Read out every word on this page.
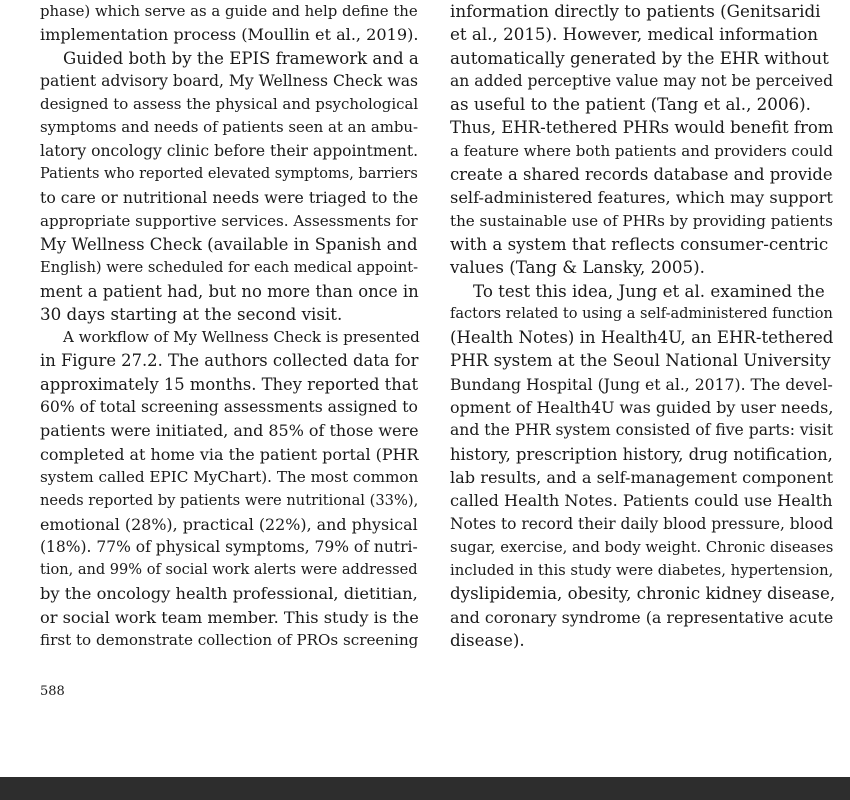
phase) which serve as a guide and help define the
implementation process (Moullin et al., 2019).
Guided both by the EPIS framework and a
patient advisory board, My Wellness Check was
designed to assess the physical and psychological
symptoms and needs of patients seen at an ambu-
latory oncology clinic before their appointment.
Patients who reported elevated symptoms, barriers
to care or nutritional needs were triaged to the
appropriate supportive services. Assessments for
My Wellness Check (available in Spanish and
English) were scheduled for each medical appoint-
ment a patient had, but no more than once in
30 days starting at the second visit.
A workflow of My Wellness Check is presented
in Figure 27.2. The authors collected data for
approximately 15 months. They reported that
60% of total screening assessments assigned to
patients were initiated, and 85% of those were
completed at home via the patient portal (PHR
system called EPIC MyChart). The most common
needs reported by patients were nutritional (33%),
emotional (28%), practical (22%), and physical
(18%). 77% of physical symptoms, 79% of nutri-
tion, and 99% of social work alerts were addressed
by the oncology health professional, dietitian,
or social work team member. This study is the
first to demonstrate collection of PROs screening
information directly to patients (Genitsaridi
et al., 2015). However, medical information
automatically generated by the EHR without
an added perceptive value may not be perceived
as useful to the patient (Tang et al., 2006).
Thus, EHR-tethered PHRs would benefit from
a feature where both patients and providers could
create a shared records database and provide
self-administered features, which may support
the sustainable use of PHRs by providing patients
with a system that reflects consumer-centric
values (Tang & Lansky, 2005).
To test this idea, Jung et al. examined the
factors related to using a self-administered function
(Health Notes) in Health4U, an EHR-tethered
PHR system at the Seoul National University
Bundang Hospital (Jung et al., 2017). The devel-
opment of Health4U was guided by user needs,
and the PHR system consisted of five parts: visit
history, prescription history, drug notification,
lab results, and a self-management component
called Health Notes. Patients could use Health
Notes to record their daily blood pressure, blood
sugar, exercise, and body weight. Chronic diseases
included in this study were diabetes, hypertension,
dyslipidemia, obesity, chronic kidney disease,
and coronary syndrome (a representative acute
disease).
588
